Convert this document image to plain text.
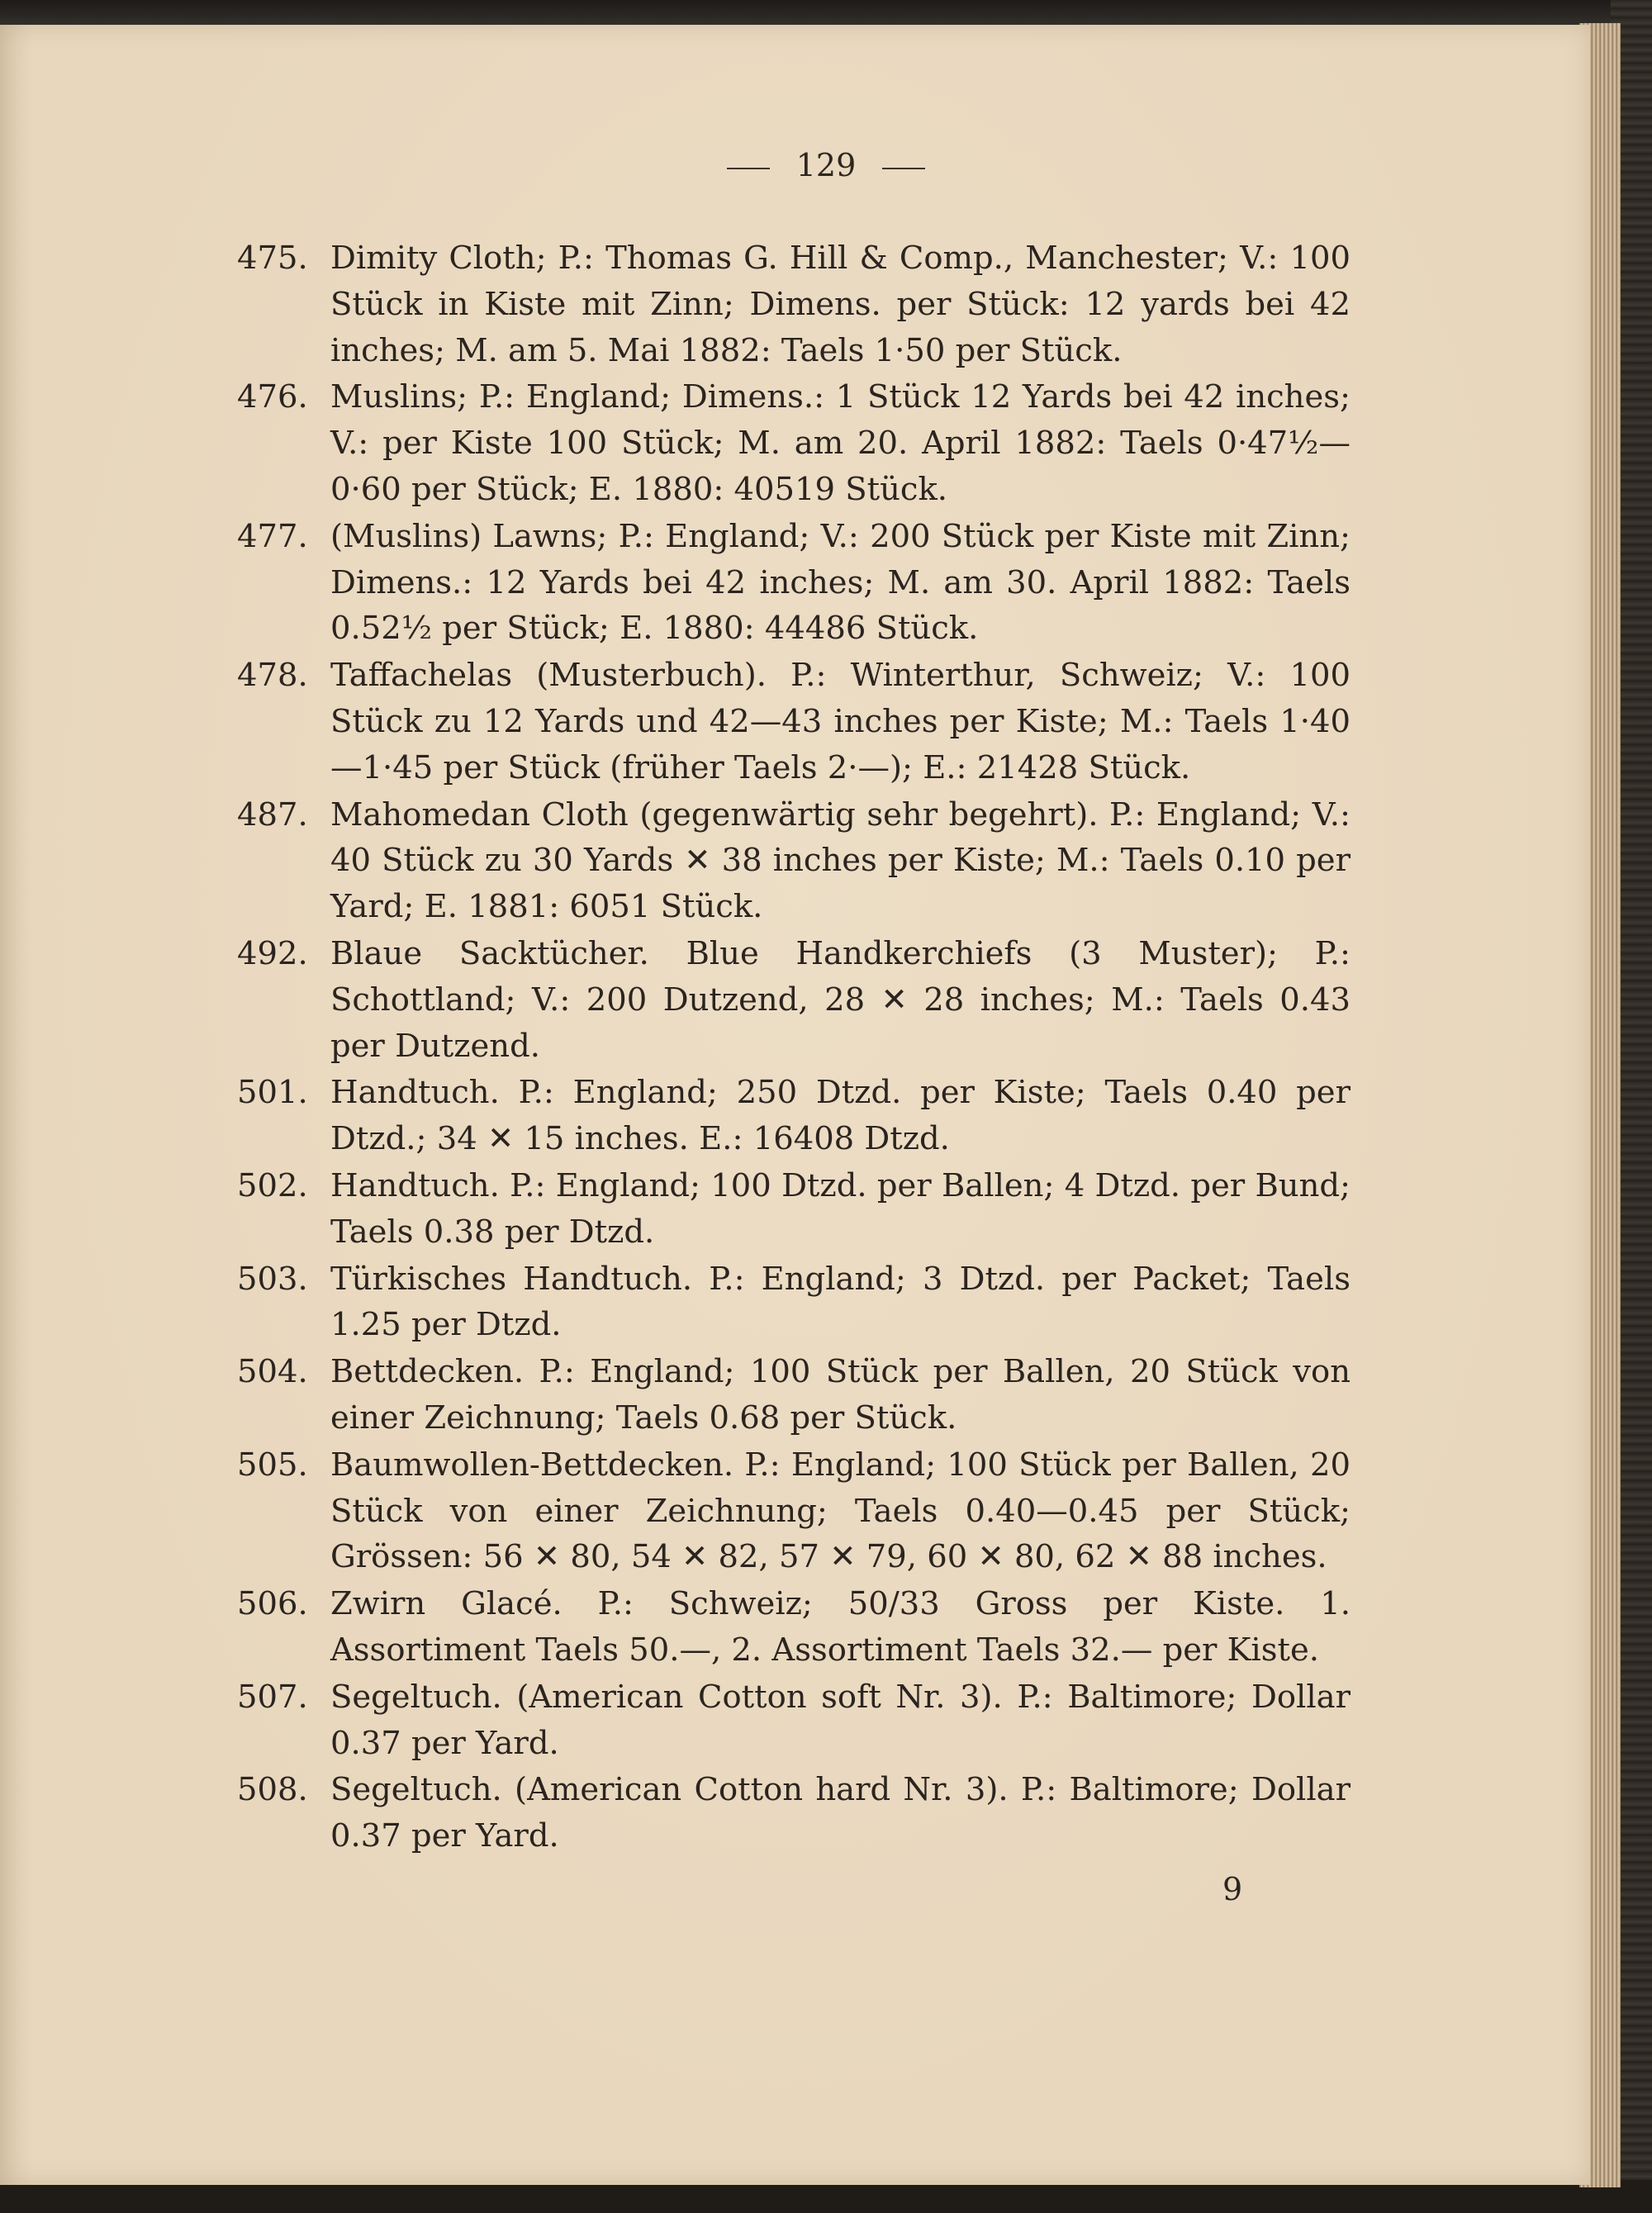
129
475. Dimity Cloth; P.: Thomas G. Hill & Comp., Manchester; V.: 100 Stück in Kiste mit Zinn; Dimens. per Stück: 12 yards bei 42 inches; M. am 5. Mai 1882: Taels 1·50 per Stück.
476. Muslins; P.: England; Dimens.: 1 Stück 12 Yards bei 42 inches; V.: per Kiste 100 Stück; M. am 20. April 1882: Taels 0·47½—0·60 per Stück; E. 1880: 40519 Stück.
477. (Muslins) Lawns; P.: England; V.: 200 Stück per Kiste mit Zinn; Dimens.: 12 Yards bei 42 inches; M. am 30. April 1882: Taels 0.52½ per Stück; E. 1880: 44486 Stück.
478. Taffachelas (Musterbuch). P.: Winterthur, Schweiz; V.: 100 Stück zu 12 Yards und 42—43 inches per Kiste; M.: Taels 1·40—1·45 per Stück (früher Taels 2·—); E.: 21428 Stück.
487. Mahomedan Cloth (gegenwärtig sehr begehrt). P.: England; V.: 40 Stück zu 30 Yards ✕ 38 inches per Kiste; M.: Taels 0.10 per Yard; E. 1881: 6051 Stück.
492. Blaue Sacktücher. Blue Handkerchiefs (3 Muster); P.: Schottland; V.: 200 Dutzend, 28 ✕ 28 inches; M.: Taels 0.43 per Dutzend.
501. Handtuch. P.: England; 250 Dtzd. per Kiste; Taels 0.40 per Dtzd.; 34 ✕ 15 inches. E.: 16408 Dtzd.
502. Handtuch. P.: England; 100 Dtzd. per Ballen; 4 Dtzd. per Bund; Taels 0.38 per Dtzd.
503. Türkisches Handtuch. P.: England; 3 Dtzd. per Packet; Taels 1.25 per Dtzd.
504. Bettdecken. P.: England; 100 Stück per Ballen, 20 Stück von einer Zeichnung; Taels 0.68 per Stück.
505. Baumwollen-Bettdecken. P.: England; 100 Stück per Ballen, 20 Stück von einer Zeichnung; Taels 0.40—0.45 per Stück; Grössen: 56 ✕ 80, 54 ✕ 82, 57 ✕ 79, 60 ✕ 80, 62 ✕ 88 inches.
506. Zwirn Glacé. P.: Schweiz; 50/33 Gross per Kiste. 1. Assortiment Taels 50.—, 2. Assortiment Taels 32.— per Kiste.
507. Segeltuch. (American Cotton soft Nr. 3). P.: Baltimore; Dollar 0.37 per Yard.
508. Segeltuch. (American Cotton hard Nr. 3). P.: Baltimore; Dollar 0.37 per Yard.
9
